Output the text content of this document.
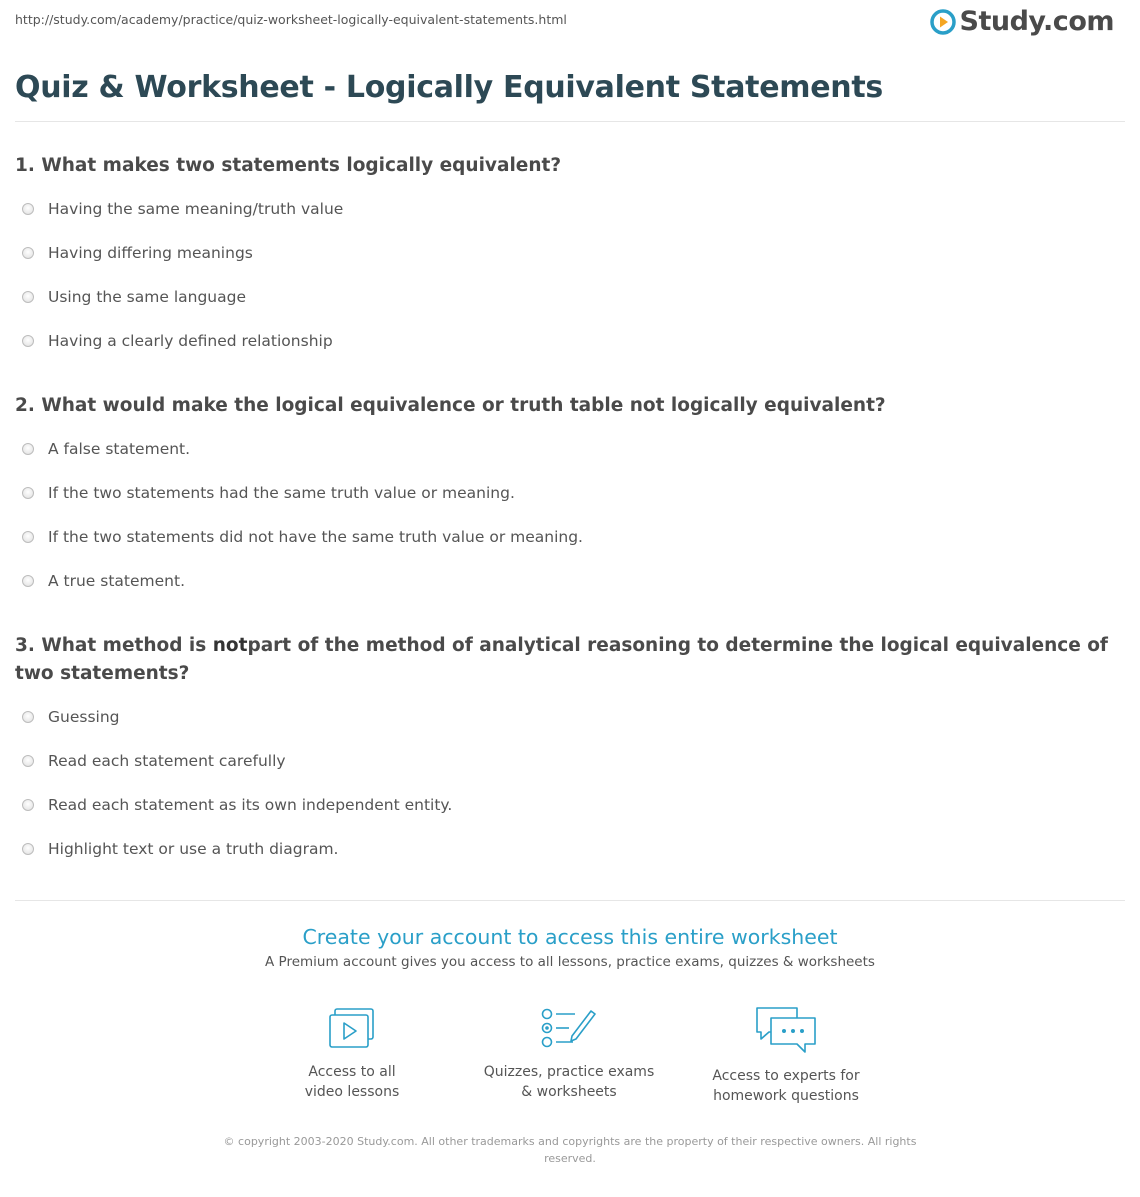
http://study.com/academy/practice/quiz-worksheet-logically-equivalent-statements.html	Study.com
Quiz & Worksheet - Logically Equivalent Statements

1. What makes two statements logically equivalent?

Having the same meaning/truth value
Having differing meanings
Using the same language
Having a clearly defined relationship

2. What would make the logical equivalence or truth table not logically equivalent?

A false statement.
If the two statements had the same truth value or meaning.
If the two statements did not have the same truth value or meaning.
A true statement.

3. What method is notpart of the method of analytical reasoning to determine the logical equivalence of two statements?

Guessing
Read each statement carefully
Read each statement as its own independent entity.
Highlight text or use a truth diagram.
Create your account to access this entire worksheet
A Premium account gives you access to all lessons, practice exams, quizzes & worksheets
Access to all
video lessons
Quizzes, practice exams
& worksheets
Access to experts for
homework questions
© copyright 2003-2020 Study.com. All other trademarks and copyrights are the property of their respective owners. All rights
reserved.
